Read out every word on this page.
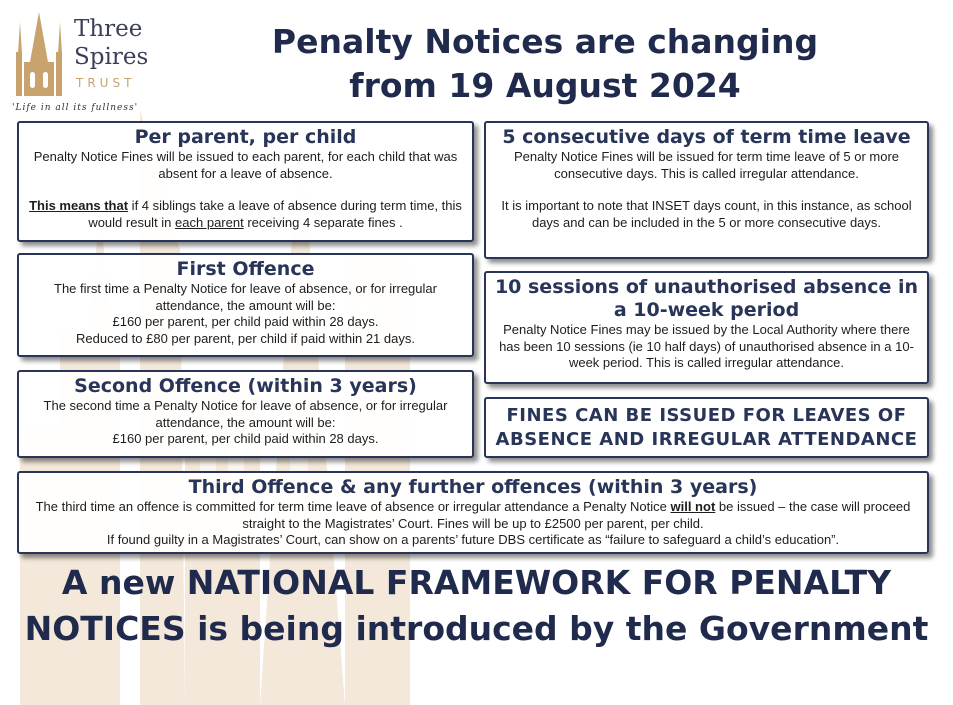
Three
Spires
TRUST
'Life in all its fullness'
Penalty Notices are changing
from 19 August 2024
Per parent, per child

Penalty Notice Fines will be issued to each parent, for each child that was absent for a leave of absence.

This means that if 4 siblings take a leave of absence during term time, this would result in each parent receiving 4 separate fines .

5 consecutive days of term time leave

Penalty Notice Fines will be issued for term time leave of 5 or more consecutive days. This is called irregular attendance.

It is important to note that INSET days count, in this instance, as school days and can be included in the 5 or more consecutive days.

First Offence

The first time a Penalty Notice for leave of absence, or for irregular attendance, the amount will be:

£160 per parent, per child paid within 28 days.

Reduced to £80 per parent, per child if paid within 21 days.

10 sessions of unauthorised absence in a 10-week period

Penalty Notice Fines may be issued by the Local Authority where there has been 10 sessions (ie 10 half days) of unauthorised absence in a 10-week period. This is called irregular attendance.

Second Offence (within 3 years)

The second time a Penalty Notice for leave of absence, or for irregular attendance, the amount will be:

£160 per parent, per child paid within 28 days.

FINES CAN BE ISSUED FOR LEAVES OF ABSENCE AND IRREGULAR ATTENDANCE
Third Offence & any further offences (within 3 years)

The third time an offence is committed for term time leave of absence or irregular attendance a Penalty Notice will not be issued – the case will proceed straight to the Magistrates’ Court. Fines will be up to £2500 per parent, per child.

If found guilty in a Magistrates’ Court, can show on a parents’ future DBS certificate as “failure to safeguard a child’s education”.

A new NATIONAL FRAMEWORK FOR PENALTY NOTICES is being introduced by the Government
